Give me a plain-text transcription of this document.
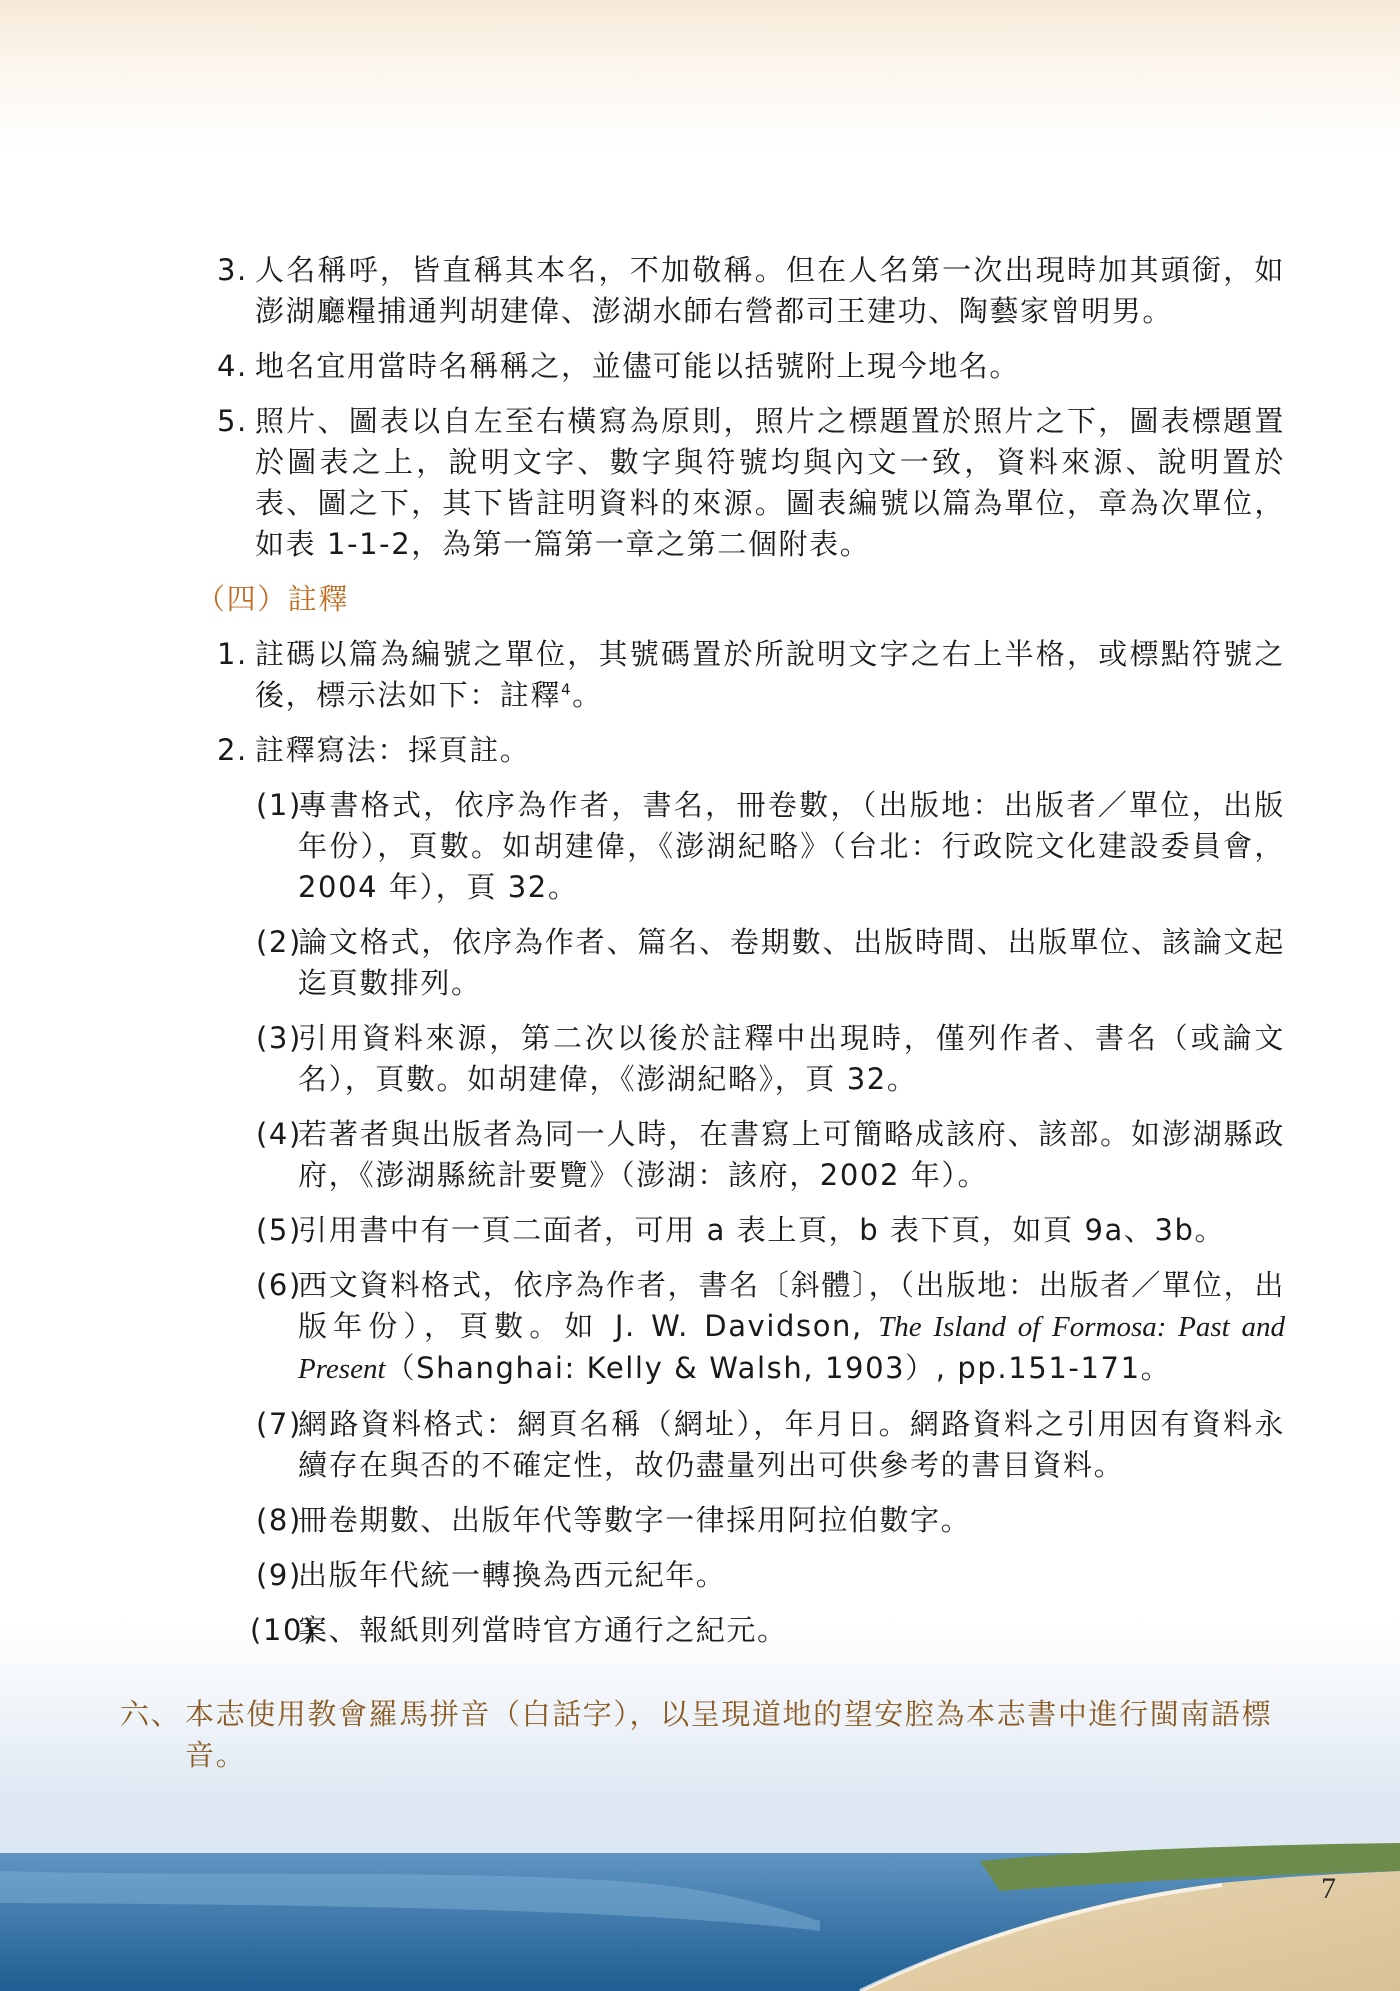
3. 人名稱呼，皆直稱其本名，不加敬稱。但在人名第一次出現時加其頭銜，如澎湖廳糧捕通判胡建偉、澎湖水師右營都司王建功、陶藝家曾明男。

4. 地名宜用當時名稱稱之，並儘可能以括號附上現今地名。

5. 照片、圖表以自左至右橫寫為原則，照片之標題置於照片之下，圖表標題置於圖表之上，說明文字、數字與符號均與內文一致，資料來源、說明置於表、圖之下，其下皆註明資料的來源。圖表編號以篇為單位，章為次單位，如表 1-1-2，為第一篇第一章之第二個附表。

（四）註釋

1. 註碼以篇為編號之單位，其號碼置於所說明文字之右上半格，或標點符號之後，標示法如下：註釋$^4$。

2. 註釋寫法：採頁註。

(1)
專書格式，依序為作者，書名，冊卷數，（出版地：出版者／單位，出版年份），頁數。如胡建偉，《澎湖紀略》（台北：行政院文化建設委員會，2004 年），頁 32。

(2)
論文格式，依序為作者、篇名、卷期數、出版時間、出版單位、該論文起迄頁數排列。

(3)
引用資料來源，第二次以後於註釋中出現時，僅列作者、書名（或論文名），頁數。如胡建偉，《澎湖紀略》，頁 32。

(4)
若著者與出版者為同一人時，在書寫上可簡略成該府、該部。如澎湖縣政府，《澎湖縣統計要覽》（澎湖：該府，2002 年）。

(5)
引用書中有一頁二面者，可用 a 表上頁，b 表下頁，如頁 9a、3b。

(6)
西文資料格式，依序為作者，書名〔斜體〕，（出版地：出版者／單位，出版年份），頁數。如 J. W. Davidson, The Island of Formosa: Past and Present（Shanghai: Kelly & Walsh, 1903）, pp.151-171。

(7)
網路資料格式：網頁名稱（網址），年月日。網路資料之引用因有資料永續存在與否的不確定性，故仍盡量列出可供參考的書目資料。

(8)
冊卷期數、出版年代等數字一律採用阿拉伯數字。

(9)
出版年代統一轉換為西元紀年。

(10)
案、報紙則列當時官方通行之紀元。

六、 本志使用教會羅馬拼音（白話字），以呈現道地的望安腔為本志書中進行閩南語標音。

7
